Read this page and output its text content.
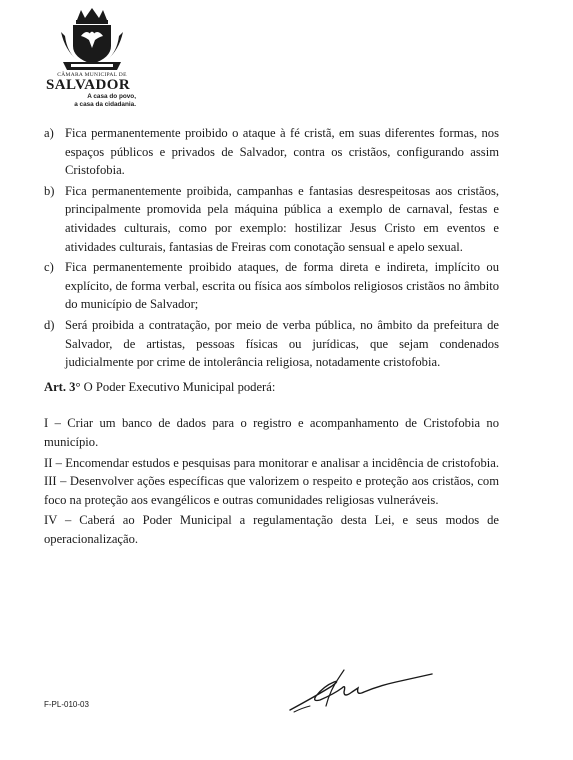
CÂMARA MUNICIPAL DE
SALVADOR
A casa do povo,
a casa da cidadania.
a) Fica permanentemente proibido o ataque à fé cristã, em suas diferentes formas, nos espaços públicos e privados de Salvador, contra os cristãos, configurando assim Cristofobia.
b) Fica permanentemente proibida, campanhas e fantasias desrespeitosas aos cristãos, principalmente promovida pela máquina pública a exemplo de carnaval, festas e atividades culturais, como por exemplo: hostilizar Jesus Cristo em eventos e atividades culturais, fantasias de Freiras com conotação sensual e apelo sexual.
c) Fica permanentemente proibido ataques, de forma direta e indireta, implícito ou explícito, de forma verbal, escrita ou física aos símbolos religiosos cristãos no âmbito do município de Salvador;
d) Será proibida a contratação, por meio de verba pública, no âmbito da prefeitura de Salvador, de artistas, pessoas físicas ou jurídicas, que sejam condenados judicialmente por crime de intolerância religiosa, notadamente cristofobia.
Art. 3° O Poder Executivo Municipal poderá:

I – Criar um banco de dados para o registro e acompanhamento de Cristofobia no município.

II – Encomendar estudos e pesquisas para monitorar e analisar a incidência de cristofobia. III – Desenvolver ações específicas que valorizem o respeito e proteção aos cristãos, com foco na proteção aos evangélicos e outras comunidades religiosas vulneráveis.

IV – Caberá ao Poder Municipal a regulamentação desta Lei, e seus modos de operacionalização.

F-PL-010-03
